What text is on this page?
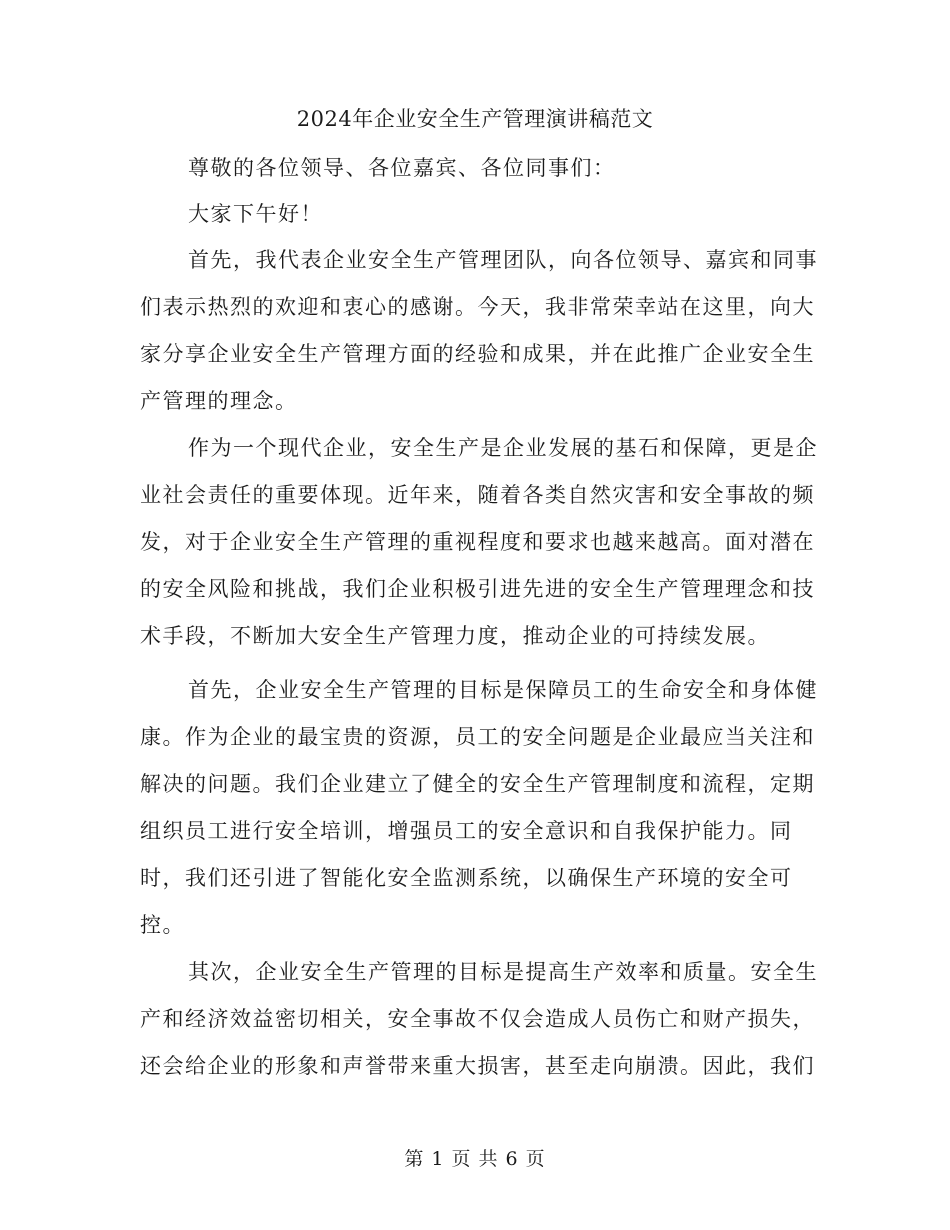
2024年企业安全生产管理演讲稿范文
尊敬的各位领导、各位嘉宾、各位同事们：
大家下午好！
首先，我代表企业安全生产管理团队，向各位领导、嘉宾和同事
们表示热烈的欢迎和衷心的感谢。今天，我非常荣幸站在这里，向大
家分享企业安全生产管理方面的经验和成果，并在此推广企业安全生
产管理的理念。
作为一个现代企业，安全生产是企业发展的基石和保障，更是企
业社会责任的重要体现。近年来，随着各类自然灾害和安全事故的频
发，对于企业安全生产管理的重视程度和要求也越来越高。面对潜在
的安全风险和挑战，我们企业积极引进先进的安全生产管理理念和技
术手段，不断加大安全生产管理力度，推动企业的可持续发展。
首先，企业安全生产管理的目标是保障员工的生命安全和身体健
康。作为企业的最宝贵的资源，员工的安全问题是企业最应当关注和
解决的问题。我们企业建立了健全的安全生产管理制度和流程，定期
组织员工进行安全培训，增强员工的安全意识和自我保护能力。同
时，我们还引进了智能化安全监测系统，以确保生产环境的安全可
控。
其次，企业安全生产管理的目标是提高生产效率和质量。安全生
产和经济效益密切相关，安全事故不仅会造成人员伤亡和财产损失，
还会给企业的形象和声誉带来重大损害，甚至走向崩溃。因此，我们
第 1 页 共 6 页
